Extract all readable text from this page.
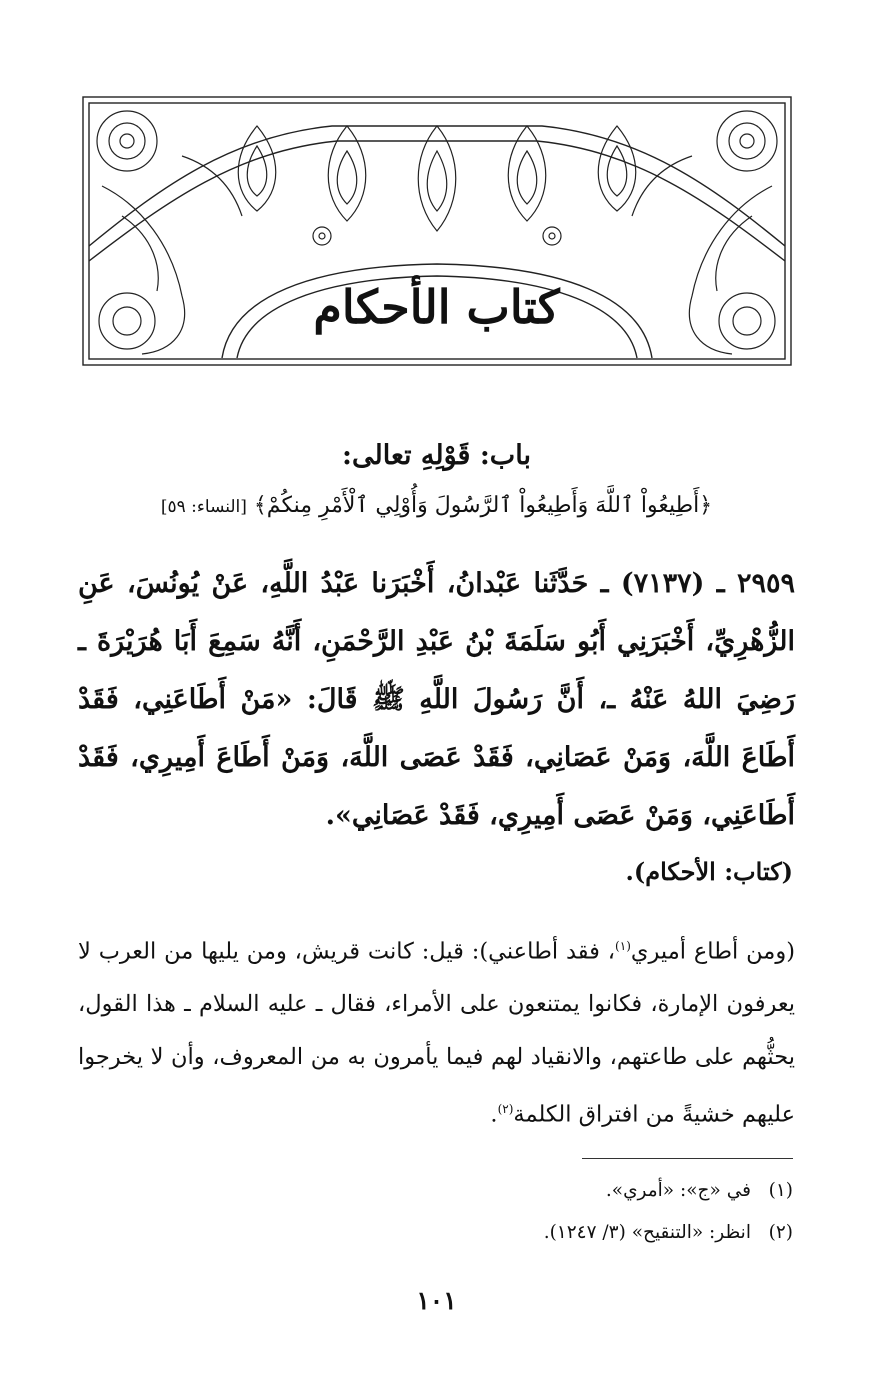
كتاب الأحكام
باب: قَوْلِهِ تعالى:
﴿أَطِيعُواْ ٱللَّهَ وَأَطِيعُواْ ٱلرَّسُولَ وَأُوْلِي ٱلْأَمْرِ مِنكُمْ﴾ [النساء: ٥٩]
٢٩٥٩ ـ (٧١٣٧) ـ حَدَّثَنا عَبْدانُ، أَخْبَرَنا عَبْدُ اللَّهِ، عَنْ يُونُسَ، عَنِ الزُّهْرِيِّ، أَخْبَرَنِي أَبُو سَلَمَةَ بْنُ عَبْدِ الرَّحْمَنِ، أَنَّهُ سَمِعَ أَبَا هُرَيْرَةَ ـ رَضِيَ اللهُ عَنْهُ ـ، أَنَّ رَسُولَ اللَّهِ ﷺ قَالَ: «مَنْ أَطَاعَنِي، فَقَدْ أَطَاعَ اللَّهَ، وَمَنْ عَصَانِي، فَقَدْ عَصَى اللَّهَ، وَمَنْ أَطَاعَ أَمِيرِي، فَقَدْ أَطَاعَنِي، وَمَنْ عَصَى أَمِيرِي، فَقَدْ عَصَانِي».
(كتاب: الأحكام).
(ومن أطاع أميري$^{(١)}$، فقد أطاعني): قيل: كانت قريش، ومن يليها من العرب لا يعرفون الإمارة، فكانوا يمتنعون على الأمراء، فقال ـ عليه السلام ـ هذا القول، يحثُّهم على طاعتهم، والانقياد لهم فيما يأمرون به من المعروف، وأن لا يخرجوا عليهم خشيةً من افتراق الكلمة$^{(٢)}$.
(١)   في «ج»: «أمري».
(٢)   انظر: «التنقيح» (٣/ ١٢٤٧).
١٠١
